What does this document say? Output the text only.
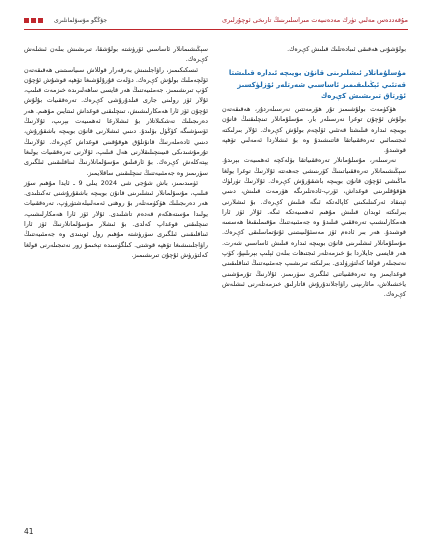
ﺟﯘﯕﮕﻮ ﻣﯘﺳﯘﻟﻤﺎﻧﻠﯩﺮﻯ	ﻣﯘﻗﻪﺩﺩﻩﺱ ﻣﻪﻟﯩﻲ ﺗﯜﺭﻙ ﻣﻪﺩﻩﻧﯩﻴﻪﺕ ﻣﯩﺮﺍﺳﻠﯩﺮﯨﻨﯩﯔ ﺗﺎﺭﯨﺨﻰ ﺋﻮﭼﯘﺭﻟﯩﺮﻯ

ﺑﻮﻟﯘﺷﯘﻧﻰ ﮬﻪﻗﯩﻘﻰ ﺋﯩﺒﺎﺩﻩﺗﻠﯩﻚ ﻗﯩﻠﯩﺶ ﻛېﺮﻩﻙ.

ﻣﯘﺳﻠﯘﻣﺎﻧﻼﺭ ﺋﯩﺸﻠﯩﺮﯨﻨﻰ ﻗﺎﻧﯘﻥ ﺑﻮﻳﯩﭽﻪ ﺋﯩﺪﺍﺭﻩ ﻗﯩﻠﯩﺸﺘﺎ ﻗﻪﺗﺌﯩﻲ ﺋﯧﯖﯩﻠﯩﻘﯩﻤﯩﺰ ﺋﺎﺳﺎﺳﯩﻲ ﺷﻪﺭﺗﻠﻪﺭ ﺋﯚﺯﻟﯜﻛﺴﯩﺰ ﺋﯚﺭﺗﺎﻕ ﺗﯩﺮﯨﺸﯩﺶ ﻛېﺮﻩﻙ

ﮬﯚﻛﯜﻣﻪﺕ ﺑﻮﻟﯘﺷﯩﻤﯩﺰ ﺗﯘﺭ ﮬﯚﺭﻣﻪﺗﺘﯩﻦ ﻧﻪﺭﺳﯩﻠﻪﺭﺩﯗﺭ، ﮬﻪﻗﯩﻘﻪﺗﻪﻥ ﺑﻮﻟﯘﺵ ﺋﯘﭼﯘﻥ ﺗﻮﻏﺮﺍ ﻧﻪﺭﺳﯩﻠﻪﺭ ﺑﺎﺭ. ﻣﯘﺳﻠﯘﻣﺎﻧﻼﺭ ﺗﯩﻨﭽﻠﯩﻘﻨﯩﯔ ﻗﺎﻧﯘﻥ ﺑﻮﻳﯩﭽﻪ ﺋﯩﺪﺍﺭﻩ ﻗﯩﻠﯩﺸﺘﺎ ﻗﻪﺗﺌﯩﻲ ﺋﯚﻟﭽﻪﻡ ﺑﻮﻟﯘﺵ ﻛېﺮﻩﻙ. ﺋﯘﻻﺭ ﺑﯩﺮﻟﯩﻜﺘﻪ ﺋﯩﺠﺘﯩﻤﺎﺋﯩﻲ ﺗﻪﺭﻩﻗﻘﯩﻴﺎﺗﻘﺎ ﻗﺎﺗﻨﯩﺸﯩﺪﯗ ﻭﻩ ﺑﯘ ﺋﯩﺸﻼﺭﺩﺍ ﺋﻪﻣﻪﻟﯩﻲ ﺗﯚﮬﭙﻪ ﻗﻮﺷﯩﺪﯗ.

ﻧﻪﺭﺳﯩﻠﻪﺭ، ﻣﯘﺳﻠﯘﻣﺎﻧﻼﺭ ﺗﻪﺭﻩﻗﻘﯩﻴﺎﺗﻘﺎ ﺑﯚﻟﻪﻛﭽﻪ ﺋﻪﮬﻤﯩﻴﻪﺕ ﺑﯧﺮﯨﺪﯗ. ﺳﯧﯖﯩﺸﯩﻤﺎﻧﻼﺭ ﺗﻪﺭﻩﻗﻘﯩﻴﺎﺗﯩﻨﯩﯔ ﻛﯚﺭﯨﻨﯩﺸﻰ ﺟﻪﮬﻪﺗﺘﻪ ﺋﯘﻻﺭﻧﯩﯔ ﺗﻮﻏﺮﺍ ﻳﻮﻟﻐﺎ ﻣﺎﯕﯩﺸﻰ ﺋﯘﭼﯘﻥ ﻗﺎﻧﯘﻥ ﺑﻮﻳﯩﭽﻪ ﺑﺎﺷﻘﯘﺭﯗﺵ ﻛېﺮﻩﻙ. ﺋﯘﻻﺭﻧﯩﯔ ﺗﯜﺭﻟﯜﻙ ﮬﯚﻗﯘﻗﻠﯩﺮﯨﻨﻰ ﻗﻮﻏﺪﺍﺵ، ﺋﯚﺭﭖ-ﺋﺎﺩﻩﺗﻠﯩﺮﯨﮕﻪ ﮬﯚﺭﻣﻪﺕ ﻗﯩﻠﯩﺶ، ﺩﯨﻨﯩﻲ ﺋﯧﺘﯩﻘﺎﺩ ﺋﻪﺭﻛﯩﻨﻠﯩﻜﯩﻨﻰ ﻛﺎﭘﺎﻟﻪﺗﻜﻪ ﺋﯩﮕﻪ ﻗﯩﻠﯩﺶ ﻛېﺮﻩﻙ. ﺑﯘ ﺋﯩﺸﻼﺭﻧﻰ ﺑﯩﺮﻟﯩﻜﺘﻪ ﺋﻮﺑﺪﺍﻥ ﻗﯩﻠﯩﺶ ﻣﯘﮬﯩﻢ ﺋﻪﮬﻤﯩﻴﻪﺗﻜﻪ ﺋﯩﮕﻪ. ﺋﯘﻻﺭ ﺋﯚﺯ ﺋﺎﺭﺍ ﮬﻪﻣﻜﺎﺭﻟﯩﺸﯩﭗ ﺗﻪﺭﻩﻗﻘﯩﻲ ﻗﯩﻠﯩﺪﯗ ﻭﻩ ﺟﻪﻣﺌﯩﻴﻪﺗﻨﯩﯔ ﻣﯘﻗﯩﻤﻠﯩﻘﯩﻐﺎ ﮬﻪﺳﺴﻪ ﻗﻮﺷﯩﺪﯗ. ﮬﻪﺭ ﺑﯩﺮ ﺋﺎﺩﻩﻡ ﺋﯚﺯ ﻣﻪﺳﺌﯘﻟﯩﻴﯩﺘﯩﻨﻰ ﺋﯘﻧﯘﺗﻤﺎﺳﻠﯩﻘﻰ ﻛېﺮﻩﻙ. ﻣﯘﺳﻠﯘﻣﺎﻧﻼﺭ ﺋﯩﺸﻠﯩﺮﯨﻨﻰ ﻗﺎﻧﯘﻥ ﺑﻮﻳﯩﭽﻪ ﺋﯩﺪﺍﺭﻩ ﻗﯩﻠﯩﺶ ﺋﺎﺳﺎﺳﯩﻲ ﺷﻪﺭﺕ. ﮬﻪﺭ ﻗﺎﻳﺴﻰ ﺟﺎﻳﻼﺭﺩﺍ ﺑﯘ ﺧﯩﺰﻣﻪﺗﻠﻪﺭ ﺋﯩﺠﺘﯩﮬﺎﺕ ﺑﯩﻠﻪﻥ ﺋﯧﻠﯩﭗ ﺑﯧﺮﯨﻠﯩﭙﯘ، ﻛﯚﭖ ﻧﻪﺗﯩﺠﯩﻠﻪﺭ ﻗﻮﻟﻐﺎ ﻛﻪﻟﺘﯜﺭﯛﻟﺪﻯ. ﺑﯩﺮﻟﯩﻜﺘﻪ ﺗﯩﺮﯨﺸﯩﭗ ﺟﻪﻣﺌﯩﻴﻪﺗﻨﯩﯔ ﺋﯩﻨﺎﻗﻠﯩﻘﯩﻨﻰ ﻗﻮﻏﺪﺍﻳﻤﯩﺰ ﻭﻩ ﺗﻪﺭﻩﻗﻘﯩﻴﺎﺗﻨﻰ ﺋﯩﻠﮕﯩﺮﻯ ﺳﯜﺭﯨﻤﯩﺰ. ﺋﯘﻻﺭﻧﯩﯔ ﺗﯘﺭﻣﯘﺷﯩﻨﻰ ﻳﺎﺧﺸﯩﻼﺵ، ﻣﺎﺋﺎﺭﯨﭙﻨﻰ ﺭﺍﯞﺍﺟﻼﻧﺪﯗﺭﯗﺵ ﻗﺎﺗﺎﺭﻟﯩﻖ ﺧﯩﺰﻣﻪﺗﻠﻪﺭﻧﻰ ﺋﯩﺸﻠﻪﺵ ﻛېﺮﻩﻙ.

ﺳﯧﯖﯩﺸﯩﻤﺎﻧﻼﺭ ﺋﺎﺳﺎﺳﯩﻲ ﺋﯚﺭﯛﺷﺘﻪ ﺑﻮﻟﯘﺷﻘﺎ، ﺗﯩﺮﯨﺸﯩﺶ ﺑﯩﻠﻪﻥ ﺋﯩﺸﻠﻪﺵ ﻛېﺮﻩﻙ.

ﺋﯩﺴﻜﯩﻜﯩﻤﯩﺰ، ﺭﺍﯞﺍﺟﻠﯩﻨﯩﺶ ﺑﻪﺭﻗﻪﺭﺍﺭ ﻗﻮﻟﻼﺵ ﺳﯩﻴﺎﺳﯩﺘﯩﻨﻰ ﮬﻪﻗﯩﻘﻪﺗﻪﻥ ﺋﯚﻟﭽﻪﻣﻠﯩﻚ ﺑﻮﻟﯘﺵ ﻛېﺮﻩﻙ. ﺩﯙﻟﻪﺕ ﻗﯘﺭﯗﻟﯘﺷﯩﻐﺎ ﺗﯚﮬﭙﻪ ﻗﻮﺷﯘﺵ ﺋﯘﭼﯘﻥ ﻛﯚﭖ ﺗﯩﺮﯨﺸﯩﻤﯩﺰ. ﺟﻪﻣﺌﯩﻴﻪﺗﻨﯩﯔ ﮬﻪﺭ ﻗﺎﻳﺴﻰ ﺳﺎﮬﻪﻟﯩﺮﯨﺪﻩ ﺧﯩﺰﻣﻪﺕ ﻗﯩﻠﯩﭗ، ﺋﯘﻻﺭ ﺋﯚﺯ ﺭﻭﻟﯩﻨﻰ ﺟﺎﺭﻯ ﻗﯩﻠﺪﯗﺭﯗﺷﻰ ﻛېﺮﻩﻙ. ﺗﻪﺭﻩﻗﻘﯩﻴﺎﺕ ﺑﯘﻟﯘﺵ ﺋﯘﭼﯘﻥ ﺋﯚﺯ ﺋﺎﺭﺍ ﮬﻪﻣﻜﺎﺭﻟﯩﺸﯩﺶ، ﺗﯩﻨﭽﻠﯩﻘﻨﻰ ﻗﻮﻏﺪﺍﺵ ﺋﯩﻨﺘﺎﻳﯩﻦ ﻣﯘﮬﯩﻢ. ﮬﻪﺭ ﺩﻩﺭﯨﺠﯩﻠﯩﻚ ﺗﻪﺷﻜﯩﻼﺗﻼﺭ ﺑﯘ ﺋﯩﺸﻼﺭﻏﺎ ﺋﻪﮬﻤﯩﻴﻪﺕ ﺑﯧﺮﯨﭗ، ﺋﯘﻻﺭﻧﯩﯔ ﺋﯚﺳﯜﺷﯩﮕﻪ ﻛﯚﯕﯜﻝ ﺑﯚﻟﯩﺪﯗ. ﺩﯨﻨﯩﻲ ﺋﯩﺸﻼﺭﻧﻰ ﻗﺎﻧﯘﻥ ﺑﻮﻳﯩﭽﻪ ﺑﺎﺷﻘﯘﺭﯗﺵ، ﺩﯨﻨﯩﻲ ﺋﺎﺩﻩﻣﻠﻪﺭﻧﯩﯔ ﻗﺎﻧﯘﻧﻠﯘﻕ ﮬﻮﻗﯘﻗﯩﻨﻰ ﻗﻮﻏﺪﺍﺵ ﻛېﺮﻩﻙ. ﺋﯘﻻﺭﻧﯩﯔ ﺗﯘﺭﻣﯘﺷﯩﺪﯨﻜﻰ ﻗﯩﻴﯩﻨﭽﯩﻠﯩﻘﻼﺭﻧﻰ ﮬﻪﻝ ﻗﯩﻠﯩﭗ، ﺋﯘﻻﺭﻧﻰ ﺗﻪﺭﻩﻗﻘﯩﻴﺎﺕ ﻳﻮﻟﯩﻐﺎ ﻳﯧﺘﻪﻛﻠﻪﺵ ﻛېﺮﻩﻙ. ﺑﯘ ﺋﺎﺭﻗﯩﻠﯩﻖ ﻣﯘﺳﯘﻟﻤﺎﻧﻼﺭﻧﯩﯔ ﺋﯩﻨﺎﻗﻠﯩﻘﯩﻨﻰ ﺋﯩﻠﮕﯩﺮﻯ ﺳﯜﺭﯨﻤﯩﺰ ﻭﻩ ﺟﻪﻣﺌﯩﻴﻪﺗﻨﯩﯔ ﺗﯩﻨﭽﻠﯩﻘﯩﻨﻰ ﺳﺎﻗﻼﻳﻤﯩﺰ.

ﺋﯜﻣﯩﺪﯨﻤﯩﺰ، ﺑﺎﺵ ﺷﯘﺟﻰ ﺷﻰ 2024 ﻳﯩﻠﻰ 9 ـ ﺋﺎﻳﺪﺍ ﻣﯘﮬﯩﻢ ﺳﯚﺯ ﻗﯩﻠﯩﭗ، ﻣﯘﺳﯘﻟﻤﺎﻧﻼﺭ ﺋﯩﺸﻠﯩﺮﯨﻨﻰ ﻗﺎﻧﯘﻥ ﺑﻮﻳﯩﭽﻪ ﺑﺎﺷﻘﯘﺭﯗﺷﻨﻰ ﺗﻪﻛﯩﺘﻠﯩﺪﻯ. ﮬﻪﺭ ﺩﻩﺭﯨﺠﯩﻠﯩﻚ ﮬﯚﻛﯜﻣﻪﺗﻠﻪﺭ ﺑﯘ ﺭﻭﮬﻨﻰ ﺋﻪﻣﻪﻟﯩﻴﻠﻪﺷﺘﯜﺭﯛﭖ، ﺗﻪﺭﻩﻗﻘﯩﻴﺎﺕ ﻳﻮﻟﯩﺪﺍ ﻣﯘﺳﺘﻪﮬﻜﻪﻡ ﻗﻪﺩﻩﻡ ﺗﺎﺷﻠﯩﺪﻯ. ﺋﯘﻻﺭ ﺋﯚﺯ ﺋﺎﺭﺍ ﮬﻪﻣﻜﺎﺭﻟﯩﺸﯩﭗ، ﺗﯩﻨﭽﻠﯩﻘﻨﻰ ﻗﻮﻏﺪﺍﭖ ﻛﻪﻟﺪﻯ. ﺑﯘ ﺋﯩﺸﻼﺭ ﻣﯘﺳﯘﻟﻤﺎﻧﻼﺭﻧﯩﯔ ﺋﯚﺯ ﺋﺎﺭﺍ ﺋﯩﻨﺎﻗﻠﯩﻘﯩﻨﻰ ﺋﯩﻠﮕﯩﺮﻯ ﺳﯜﺭﯛﺷﺘﻪ ﻣﯘﮬﯩﻢ ﺭﻭﻝ ﺋﻮﻳﻨﯩﺪﻯ ﻭﻩ ﺟﻪﻣﺌﯩﻴﻪﺗﻨﯩﯔ ﺭﺍﯞﺍﺟﻠﯩﻨﯩﺸﯩﻐﺎ ﺗﯚﮬﭙﻪ ﻗﻮﺷﺘﻰ. ﻛﯩﻠﮕﯜﺳﯩﺪﻩ ﺗﯧﺨﯩﻤﯘ ﺯﻭﺭ ﻧﻪﺗﯩﺠﯩﻠﻪﺭﻧﻰ ﻗﻮﻟﻐﺎ ﻛﻪﻟﺘﯜﺭﯛﺵ ﺋﯘﭼﯘﻥ ﺗﯩﺮﯨﺸﯩﻤﯩﺰ.

41
